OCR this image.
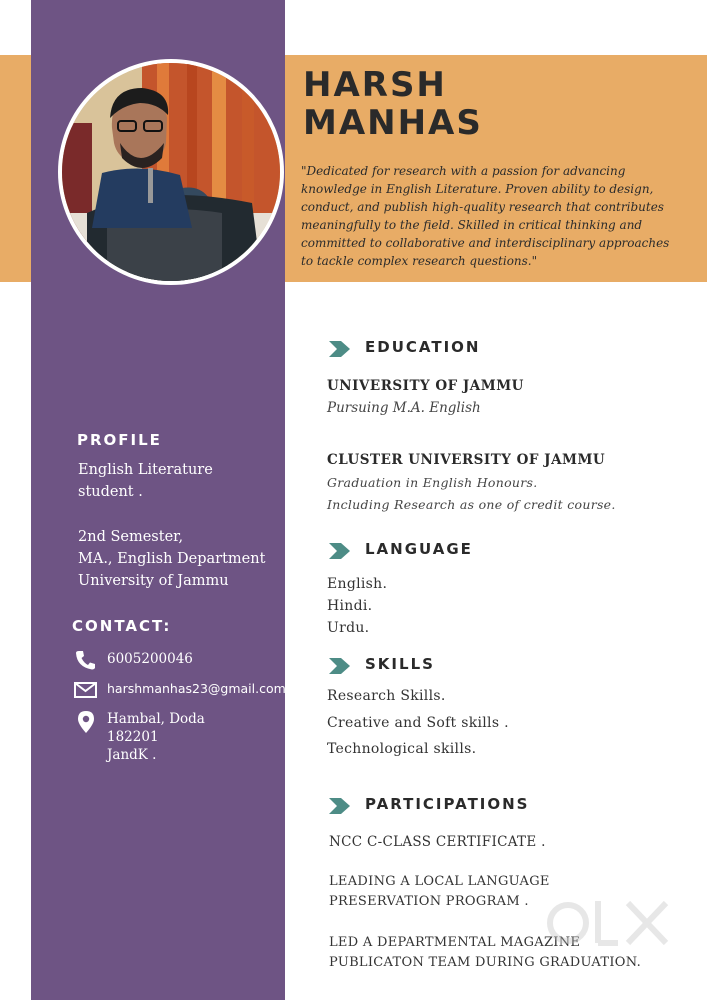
HARSH
MANHAS
"Dedicated for research with a passion for advancing knowledge in English Literature. Proven ability to design, conduct, and publish high-quality research that contributes meaningfully to the field. Skilled in critical thinking and committed to collaborative and interdisciplinary approaches to tackle complex research questions."
PROFILE
English Literature
student .
2nd Semester,
MA., English Department
University of Jammu
CONTACT:
6005200046
harshmanhas23@gmail.com
Hambal, Doda
182201
JandK .
EDUCATION
UNIVERSITY OF JAMMU
Pursuing M.A. English
CLUSTER UNIVERSITY OF JAMMU
Graduation in English Honours.
Including Research as one of credit course.
LANGUAGE
English.
Hindi.
Urdu.
SKILLS
Research Skills.
Creative and Soft skills .
Technological skills.
PARTICIPATIONS
NCC C-CLASS CERTIFICATE .
LEADING A LOCAL LANGUAGE
PRESERVATION PROGRAM .
LED A DEPARTMENTAL MAGAZINE
PUBLICATON TEAM DURING GRADUATION.
